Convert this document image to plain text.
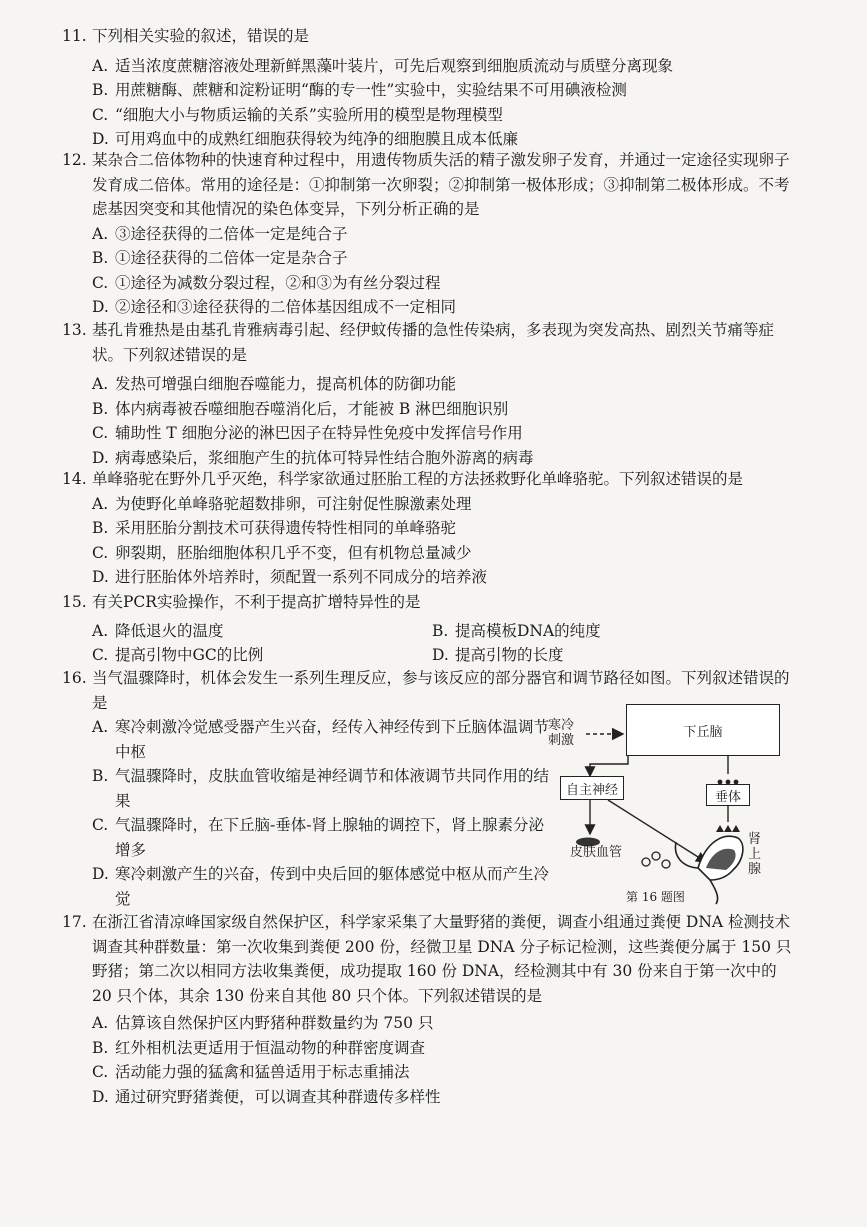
11. 下列相关实验的叙述，错误的是
A. 适当浓度蔗糖溶液处理新鲜黑藻叶装片，可先后观察到细胞质流动与质壁分离现象
B. 用蔗糖酶、蔗糖和淀粉证明“酶的专一性”实验中，实验结果不可用碘液检测
C. “细胞大小与物质运输的关系”实验所用的模型是物理模型
D. 可用鸡血中的成熟红细胞获得较为纯净的细胞膜且成本低廉
12. 某杂合二倍体物种的快速育种过程中，用遗传物质失活的精子激发卵子发育，并通过一定途径实现卵子发育成二倍体。常用的途径是：①抑制第一次卵裂；②抑制第一极体形成；③抑制第二极体形成。不考虑基因突变和其他情况的染色体变异，下列分析正确的是
A. ③途径获得的二倍体一定是纯合子
B. ①途径获得的二倍体一定是杂合子
C. ①途径为减数分裂过程，②和③为有丝分裂过程
D. ②途径和③途径获得的二倍体基因组成不一定相同
13. 基孔肯雅热是由基孔肯雅病毒引起、经伊蚊传播的急性传染病，多表现为突发高热、剧烈关节痛等症状。下列叙述错误的是
A. 发热可增强白细胞吞噬能力，提高机体的防御功能
B. 体内病毒被吞噬细胞吞噬消化后，才能被 B 淋巴细胞识别
C. 辅助性 T 细胞分泌的淋巴因子在特异性免疫中发挥信号作用
D. 病毒感染后，浆细胞产生的抗体可特异性结合胞外游离的病毒
14. 单峰骆驼在野外几乎灭绝，科学家欲通过胚胎工程的方法拯救野化单峰骆驼。下列叙述错误的是
A. 为使野化单峰骆驼超数排卵，可注射促性腺激素处理
B. 采用胚胎分割技术可获得遗传特性相同的单峰骆驼
C. 卵裂期，胚胎细胞体积几乎不变，但有机物总量减少
D. 进行胚胎体外培养时，须配置一系列不同成分的培养液
15. 有关PCR实验操作，不利于提高扩增特异性的是
A. 降低退火的温度	B. 提高模板DNA的纯度
C. 提高引物中GC的比例	D. 提高引物的长度
16. 当气温骤降时，机体会发生一系列生理反应，参与该反应的部分器官和调节路径如图。下列叙述错误的是
A. 寒冷刺激冷觉感受器产生兴奋，经传入神经传到下丘脑体温调节中枢
B. 气温骤降时，皮肤血管收缩是神经调节和体液调节共同作用的结果
C. 气温骤降时，在下丘脑-垂体-肾上腺轴的调控下，肾上腺素分泌增多
D. 寒冷刺激产生的兴奋，传到中央后回的躯体感觉中枢从而产生冷觉
寒冷刺激
下丘脑
自主神经	垂体
皮肤血管
肾上腺
第 16 题图
17. 在浙江省清凉峰国家级自然保护区，科学家采集了大量野猪的粪便，调查小组通过粪便 DNA 检测技术调查其种群数量：第一次收集到粪便 200 份，经微卫星 DNA 分子标记检测，这些粪便分属于 150 只野猪；第二次以相同方法收集粪便，成功提取 160 份 DNA，经检测其中有 30 份来自于第一次中的 20 只个体，其余 130 份来自其他 80 只个体。下列叙述错误的是
A. 估算该自然保护区内野猪种群数量约为 750 只
B. 红外相机法更适用于恒温动物的种群密度调查
C. 活动能力强的猛禽和猛兽适用于标志重捕法
D. 通过研究野猪粪便，可以调查其种群遗传多样性
